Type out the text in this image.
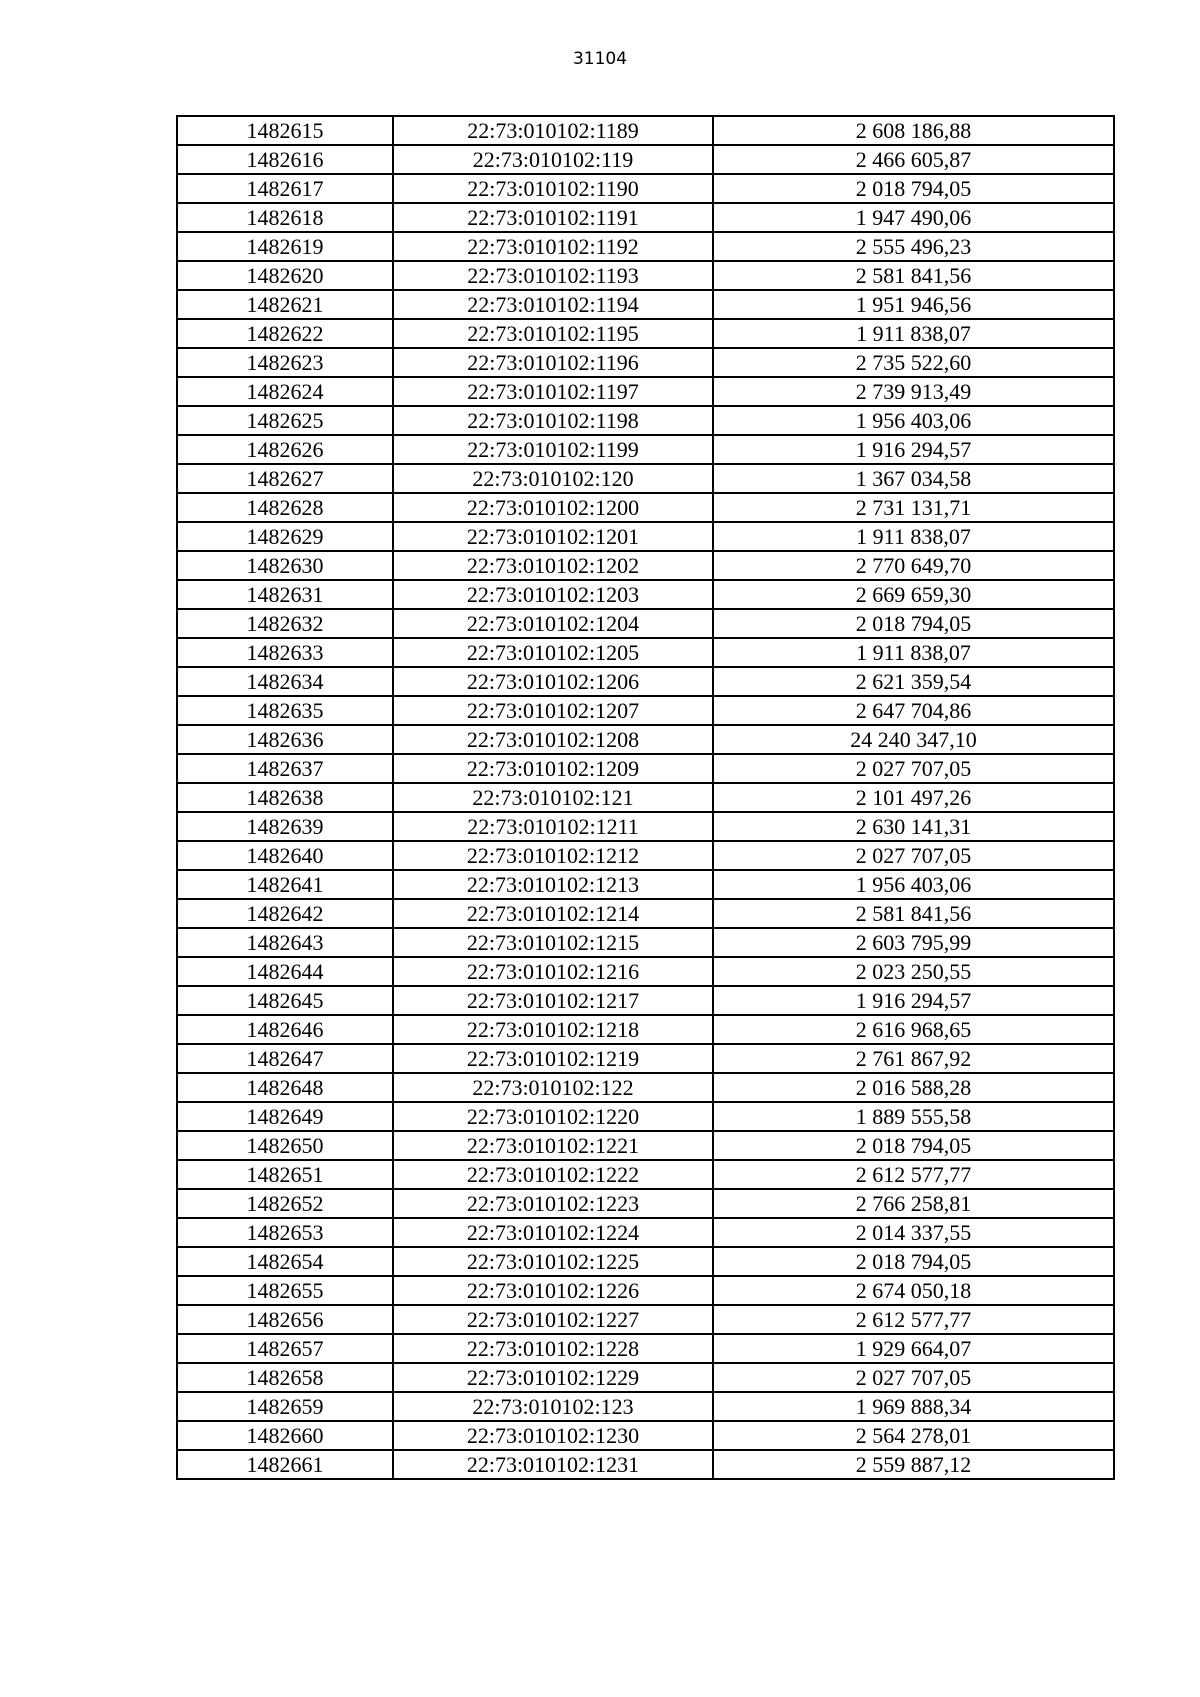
31104
1482615	22:73:010102:1189	2 608 186,88
1482616	22:73:010102:119	2 466 605,87
1482617	22:73:010102:1190	2 018 794,05
1482618	22:73:010102:1191	1 947 490,06
1482619	22:73:010102:1192	2 555 496,23
1482620	22:73:010102:1193	2 581 841,56
1482621	22:73:010102:1194	1 951 946,56
1482622	22:73:010102:1195	1 911 838,07
1482623	22:73:010102:1196	2 735 522,60
1482624	22:73:010102:1197	2 739 913,49
1482625	22:73:010102:1198	1 956 403,06
1482626	22:73:010102:1199	1 916 294,57
1482627	22:73:010102:120	1 367 034,58
1482628	22:73:010102:1200	2 731 131,71
1482629	22:73:010102:1201	1 911 838,07
1482630	22:73:010102:1202	2 770 649,70
1482631	22:73:010102:1203	2 669 659,30
1482632	22:73:010102:1204	2 018 794,05
1482633	22:73:010102:1205	1 911 838,07
1482634	22:73:010102:1206	2 621 359,54
1482635	22:73:010102:1207	2 647 704,86
1482636	22:73:010102:1208	24 240 347,10
1482637	22:73:010102:1209	2 027 707,05
1482638	22:73:010102:121	2 101 497,26
1482639	22:73:010102:1211	2 630 141,31
1482640	22:73:010102:1212	2 027 707,05
1482641	22:73:010102:1213	1 956 403,06
1482642	22:73:010102:1214	2 581 841,56
1482643	22:73:010102:1215	2 603 795,99
1482644	22:73:010102:1216	2 023 250,55
1482645	22:73:010102:1217	1 916 294,57
1482646	22:73:010102:1218	2 616 968,65
1482647	22:73:010102:1219	2 761 867,92
1482648	22:73:010102:122	2 016 588,28
1482649	22:73:010102:1220	1 889 555,58
1482650	22:73:010102:1221	2 018 794,05
1482651	22:73:010102:1222	2 612 577,77
1482652	22:73:010102:1223	2 766 258,81
1482653	22:73:010102:1224	2 014 337,55
1482654	22:73:010102:1225	2 018 794,05
1482655	22:73:010102:1226	2 674 050,18
1482656	22:73:010102:1227	2 612 577,77
1482657	22:73:010102:1228	1 929 664,07
1482658	22:73:010102:1229	2 027 707,05
1482659	22:73:010102:123	1 969 888,34
1482660	22:73:010102:1230	2 564 278,01
1482661	22:73:010102:1231	2 559 887,12
